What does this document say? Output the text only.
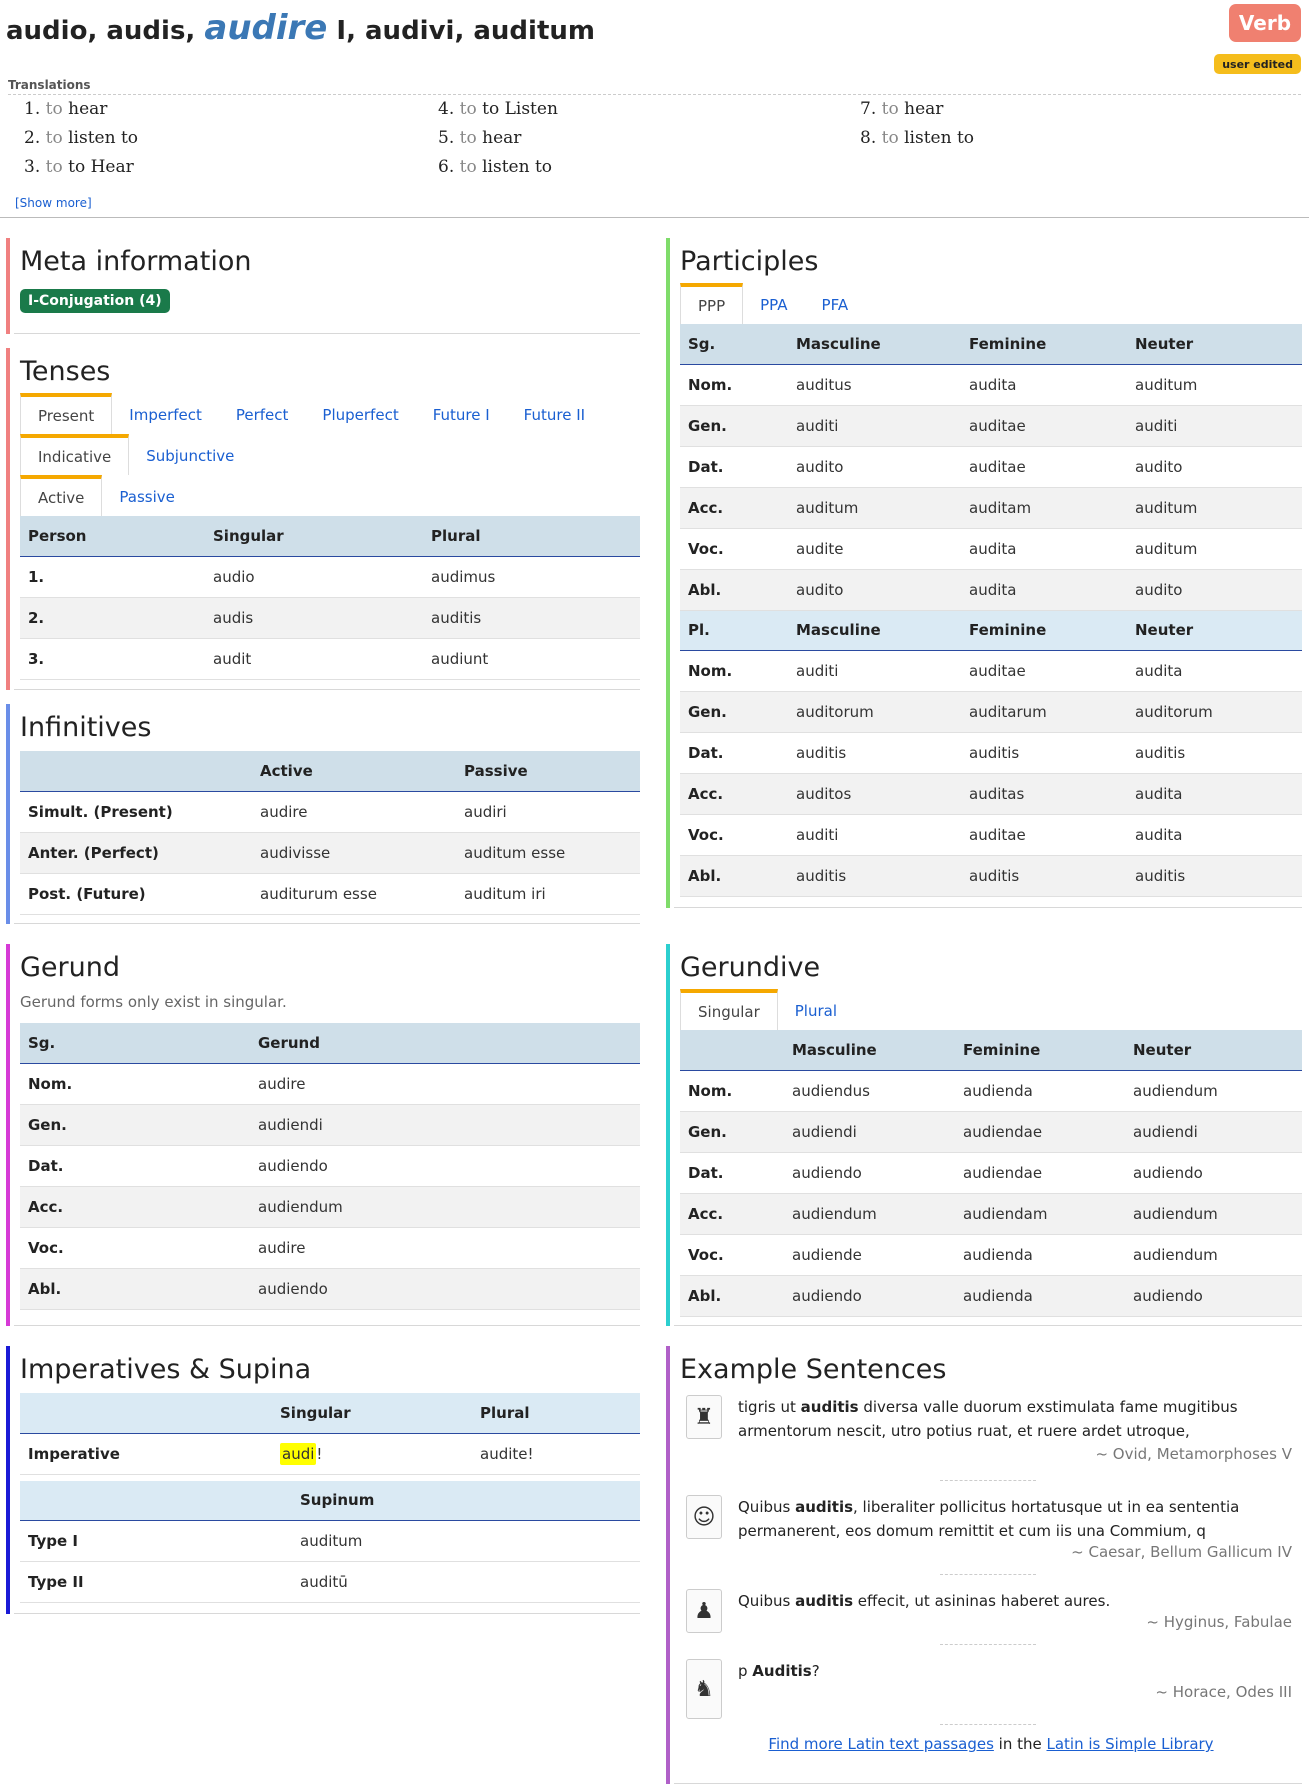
audio, audis, audire I, audivi, auditum	Verb
user edited
Translations
1. to hear
2. to listen to
3. to to Hear
4. to to Listen
5. to hear
6. to listen to
7. to hear
8. to listen to
[Show more]
Meta information
I-Conjugation (4)
Tenses
Present	Imperfect	Perfect	Pluperfect	Future I	Future II
Indicative	Subjunctive
Active	Passive
Person	Singular	Plural
1.	audio	audimus
2.	audis	auditis
3.	audit	audiunt
Infinitives
	Active	Passive
Simult. (Present)	audire	audiri
Anter. (Perfect)	audivisse	auditum esse
Post. (Future)	auditurum esse	auditum iri
Participles
PPP	PPA	PFA
Sg.	Masculine	Feminine	Neuter
Nom.	auditus	audita	auditum
Gen.	auditi	auditae	auditi
Dat.	audito	auditae	audito
Acc.	auditum	auditam	auditum
Voc.	audite	audita	auditum
Abl.	audito	audita	audito
Pl.	Masculine	Feminine	Neuter
Nom.	auditi	auditae	audita
Gen.	auditorum	auditarum	auditorum
Dat.	auditis	auditis	auditis
Acc.	auditos	auditas	audita
Voc.	auditi	auditae	audita
Abl.	auditis	auditis	auditis
Gerund
Gerund forms only exist in singular.
Sg.	Gerund
Nom.	audire
Gen.	audiendi
Dat.	audiendo
Acc.	audiendum
Voc.	audire
Abl.	audiendo
Gerundive
Singular	Plural
	Masculine	Feminine	Neuter
Nom.	audiendus	audienda	audiendum
Gen.	audiendi	audiendae	audiendi
Dat.	audiendo	audiendae	audiendo
Acc.	audiendum	audiendam	audiendum
Voc.	audiende	audienda	audiendum
Abl.	audiendo	audienda	audiendo
Imperatives & Supina
	Singular	Plural
Imperative	audi !	audite!
	Supinum
Type I	auditum
Type II	auditū
Example Sentences
♜	tigris ut auditis diversa valle duorum exstimulata fame mugitibus armentorum nescit, utro potius ruat, et ruere ardet utroque,
~ Ovid, Metamorphoses V
☺	Quibus auditis, liberaliter pollicitus hortatusque ut in ea sententia permanerent, eos domum remittit et cum iis una Commium, q
~ Caesar, Bellum Gallicum IV
♟	Quibus auditis effecit, ut asininas haberet aures.
~ Hyginus, Fabulae
♞
p Auditis?
~ Horace, Odes III
Find more Latin text passages in the Latin is Simple Library
